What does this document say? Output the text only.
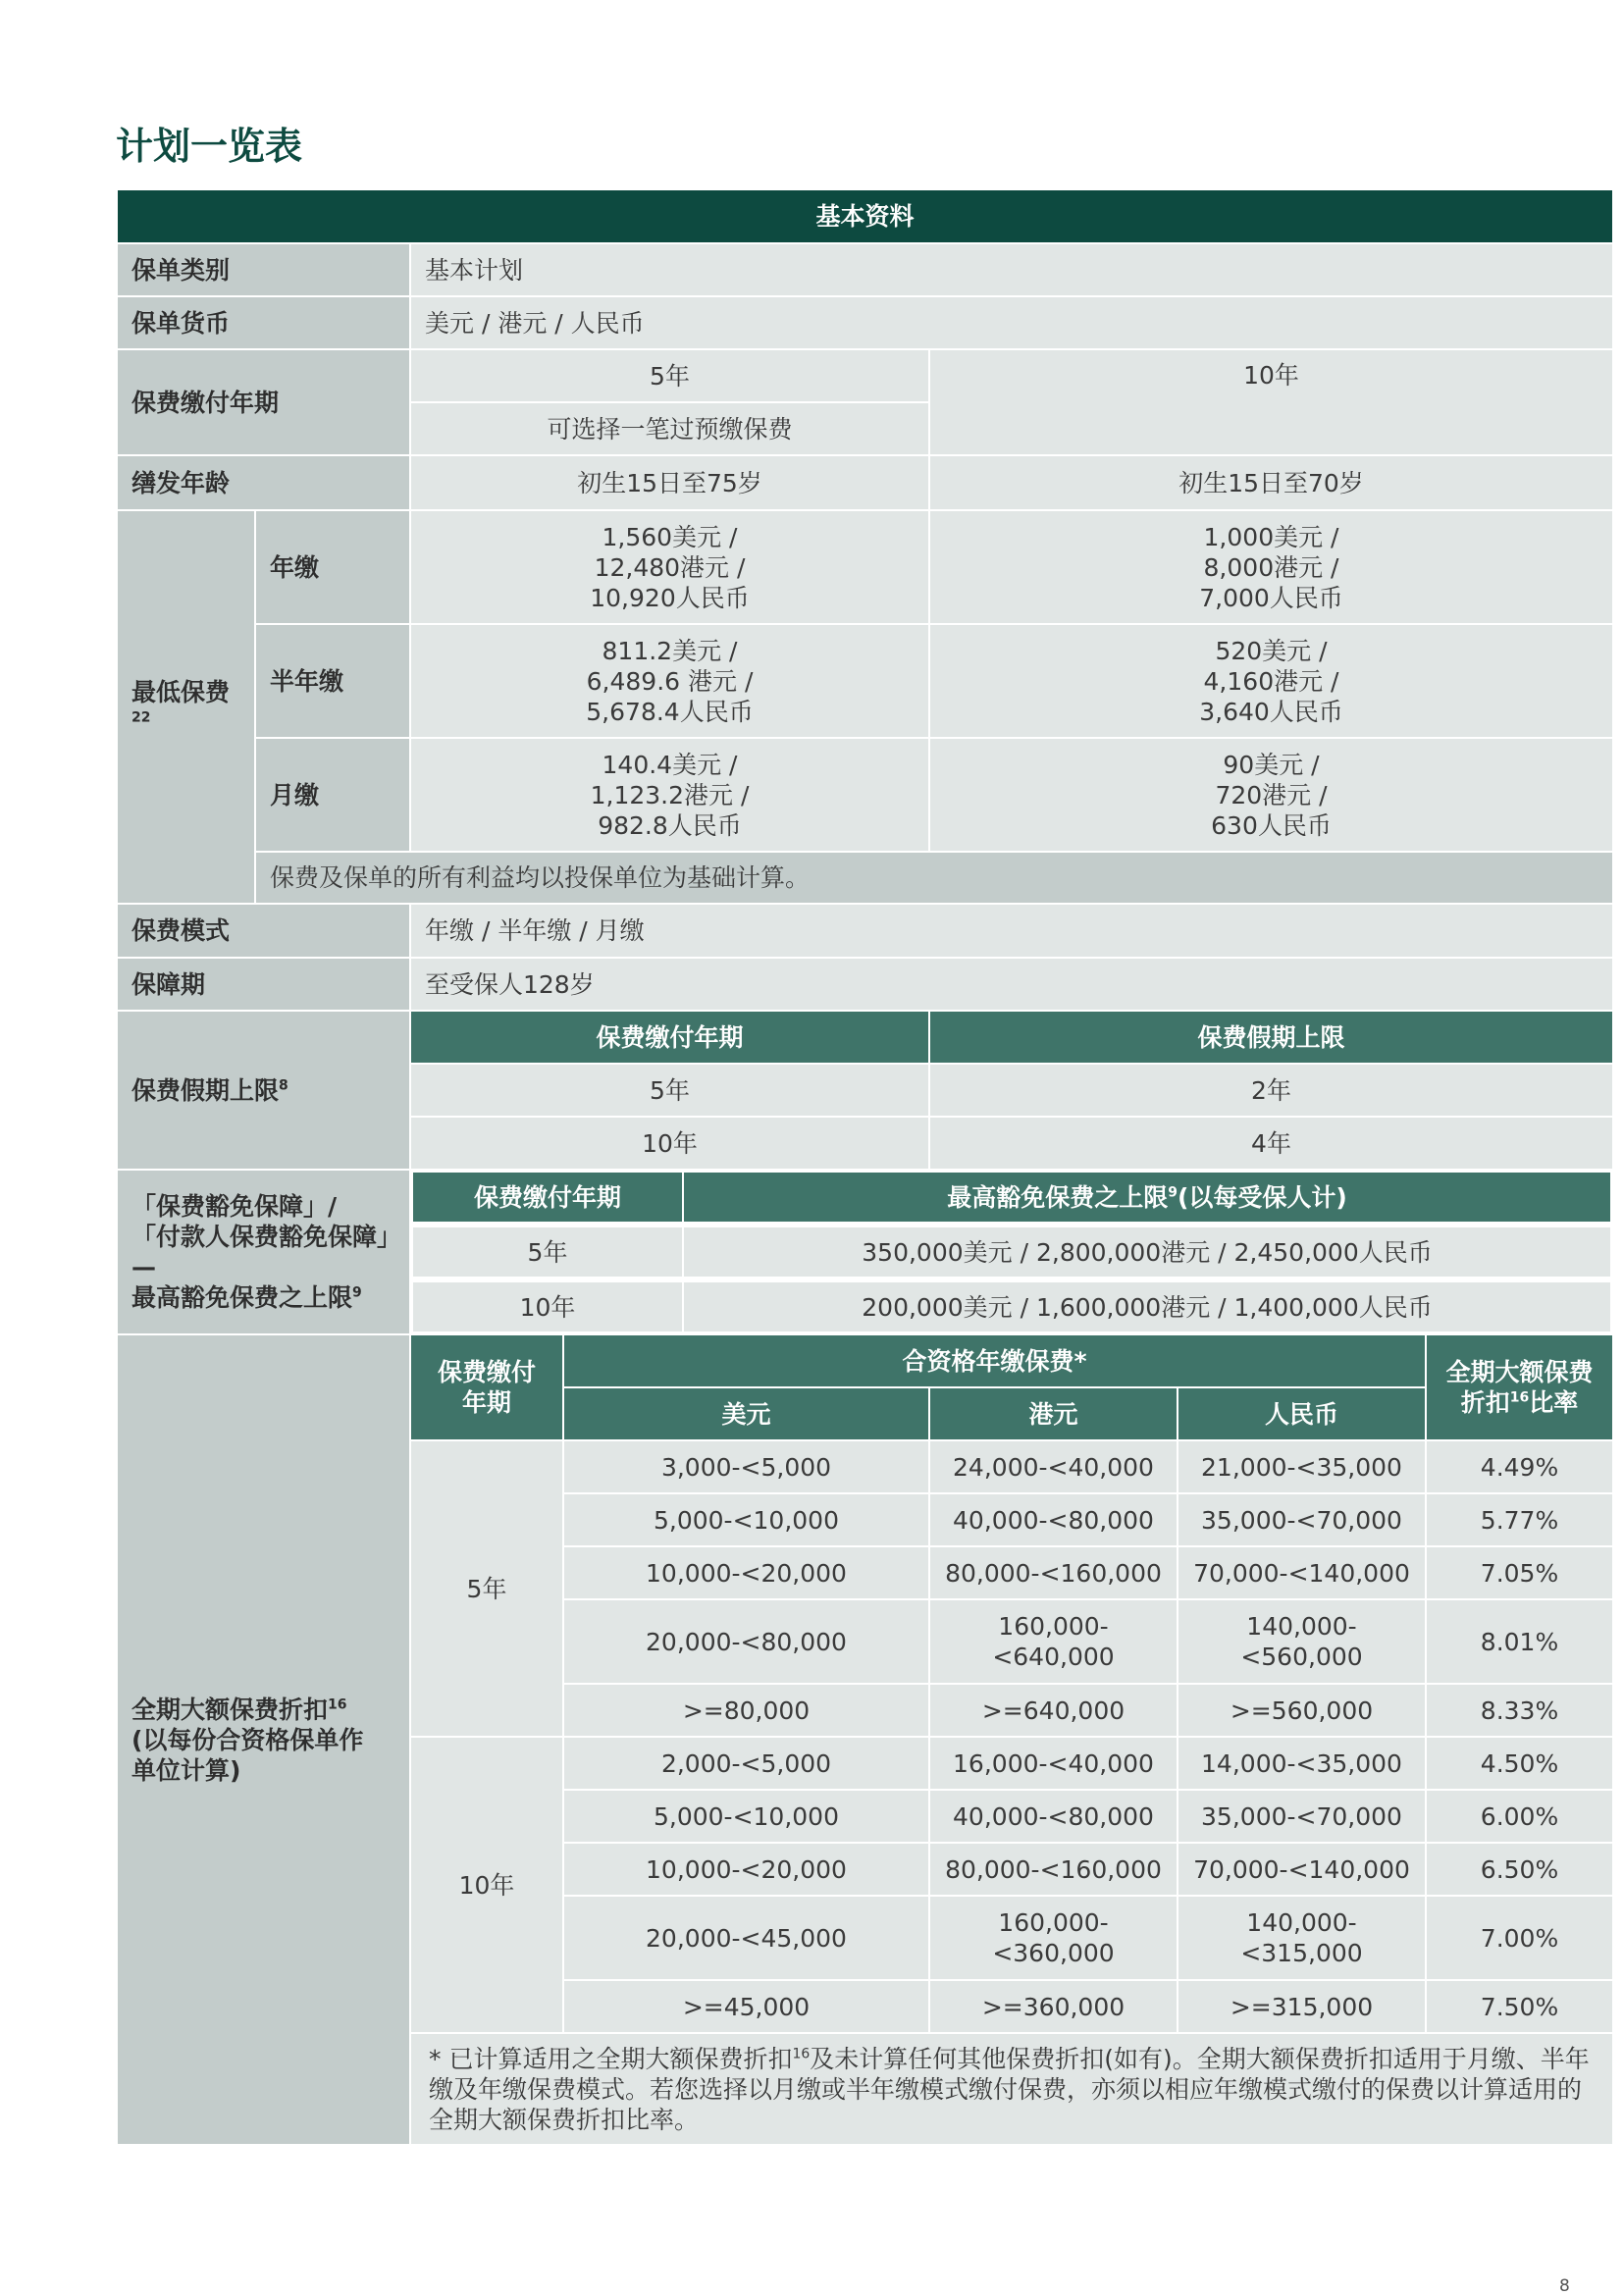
计划一览表
基本资料
保单类别	基本计划
保单货币	美元 / 港元 / 人民币
保费缴付年期	5年	10年
可选择一笔过预缴保费
缮发年龄	初生15日至75岁	初生15日至70岁
最低保费$^{22}$	年缴	1,560美元 /
12,480港元 /
10,920人民币	1,000美元 /
8,000港元 /
7,000人民币
半年缴	811.2美元 /
6,489.6 港元 /
5,678.4人民币	520美元 /
4,160港元 /
3,640人民币
月缴	140.4美元 /
1,123.2港元 /
982.8人民币	90美元 /
720港元 /
630人民币
保费及保单的所有利益均以投保单位为基础计算。
保费模式	年缴 / 半年缴 / 月缴
保障期	至受保人128岁
保费假期上限$^8$	保费缴付年期	保费假期上限
5年	2年
10年	4年

「保费豁免保障」/
「付款人保费豁免保障」—
最高豁免保费之上限$^9$

保费缴付年期	最高豁免保费之上限$^9$(以每受保人计)

5年	350,000美元 / 2,800,000港元 / 2,450,000人民币

10年	200,000美元 / 1,600,000港元 / 1,400,000人民币

全期大额保费折扣$^{16}$
(以每份合资格保单作
单位计算)
	保费缴付
年期	合资格年缴保费*	全期大额保费
折扣$^{16}$比率
美元	港元	人民币
5年	3,000-<5,000	24,000-<40,000	21,000-<35,000	4.49%
5,000-<10,000	40,000-<80,000	35,000-<70,000	5.77%
10,000-<20,000	80,000-<160,000	70,000-<140,000	7.05%
20,000-<80,000	160,000-
<640,000	140,000-
<560,000	8.01%
>=80,000	>=640,000	>=560,000	8.33%
10年	2,000-<5,000	16,000-<40,000	14,000-<35,000	4.50%
5,000-<10,000	40,000-<80,000	35,000-<70,000	6.00%
10,000-<20,000	80,000-<160,000	70,000-<140,000	6.50%
20,000-<45,000	160,000-
<360,000	140,000-
<315,000	7.00%
>=45,000	>=360,000	>=315,000	7.50%
* 已计算适用之全期大额保费折扣$^{16}$及未计算任何其他保费折扣(如有)。全期大额保费折扣适用于月缴、半年缴及年缴保费模式。若您选择以月缴或半年缴模式缴付保费，亦须以相应年缴模式缴付的保费以计算适用的全期大额保费折扣比率。
8
